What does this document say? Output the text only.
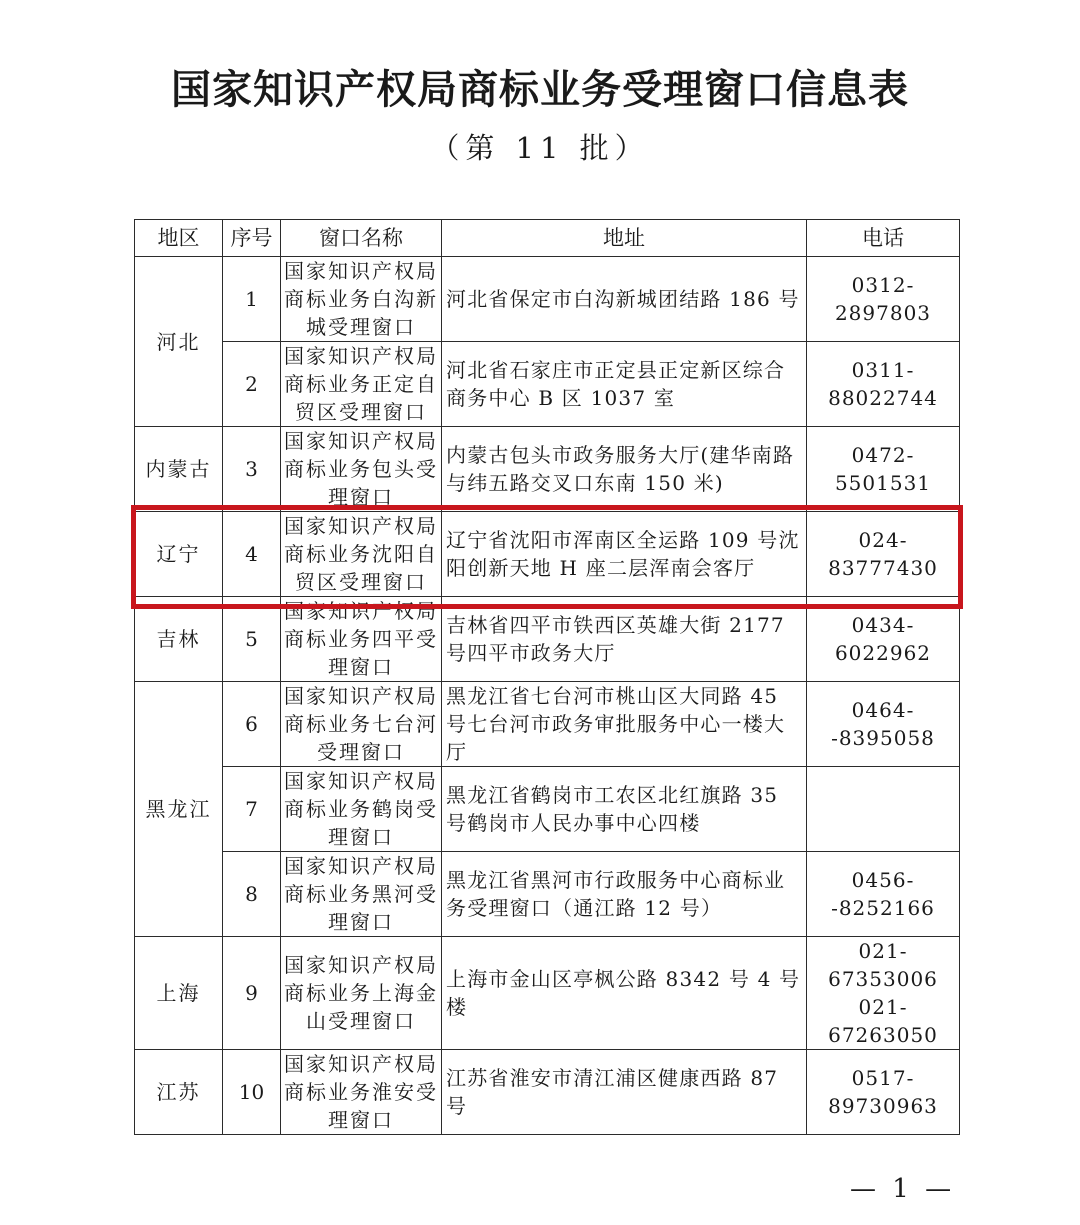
国家知识产权局商标业务受理窗口信息表
（第 11 批）
地区	序号	窗口名称	地址	电话
河北	1	国家知识产权局商标业务白沟新城受理窗口	河北省保定市白沟新城团结路 186 号	0312-2897803

	2	国家知识产权局商标业务正定自贸区受理窗口	河北省石家庄市正定县正定新区综合商务中心 B 区 1037 室	0311-88022744

内蒙古	3	国家知识产权局商标业务包头受理窗口	内蒙古包头市政务服务大厅(建华南路与纬五路交叉口东南 150 米)	0472-5501531

辽宁	4	国家知识产权局商标业务沈阳自贸区受理窗口	辽宁省沈阳市浑南区全运路 109 号沈阳创新天地 H 座二层浑南会客厅	024-83777430

吉林	5	国家知识产权局商标业务四平受理窗口	吉林省四平市铁西区英雄大街 2177 号四平市政务大厅	0434-6022962

黑龙江	6	国家知识产权局商标业务七台河受理窗口	黑龙江省七台河市桃山区大同路 45 号七台河市政务审批服务中心一楼大厅	0464--8395058

	7	国家知识产权局商标业务鹤岗受理窗口	黑龙江省鹤岗市工农区北红旗路 35 号鹤岗市人民办事中心四楼	
	8	国家知识产权局商标业务黑河受理窗口	黑龙江省黑河市行政服务中心商标业务受理窗口（通江路 12 号）	0456--8252166

上海	9	国家知识产权局商标业务上海金山受理窗口	上海市金山区亭枫公路 8342 号 4 号楼	021-67353006
021-67263050

江苏	10	国家知识产权局商标业务淮安受理窗口	江苏省淮安市清江浦区健康西路 87 号	0517-89730963
— 1 —
